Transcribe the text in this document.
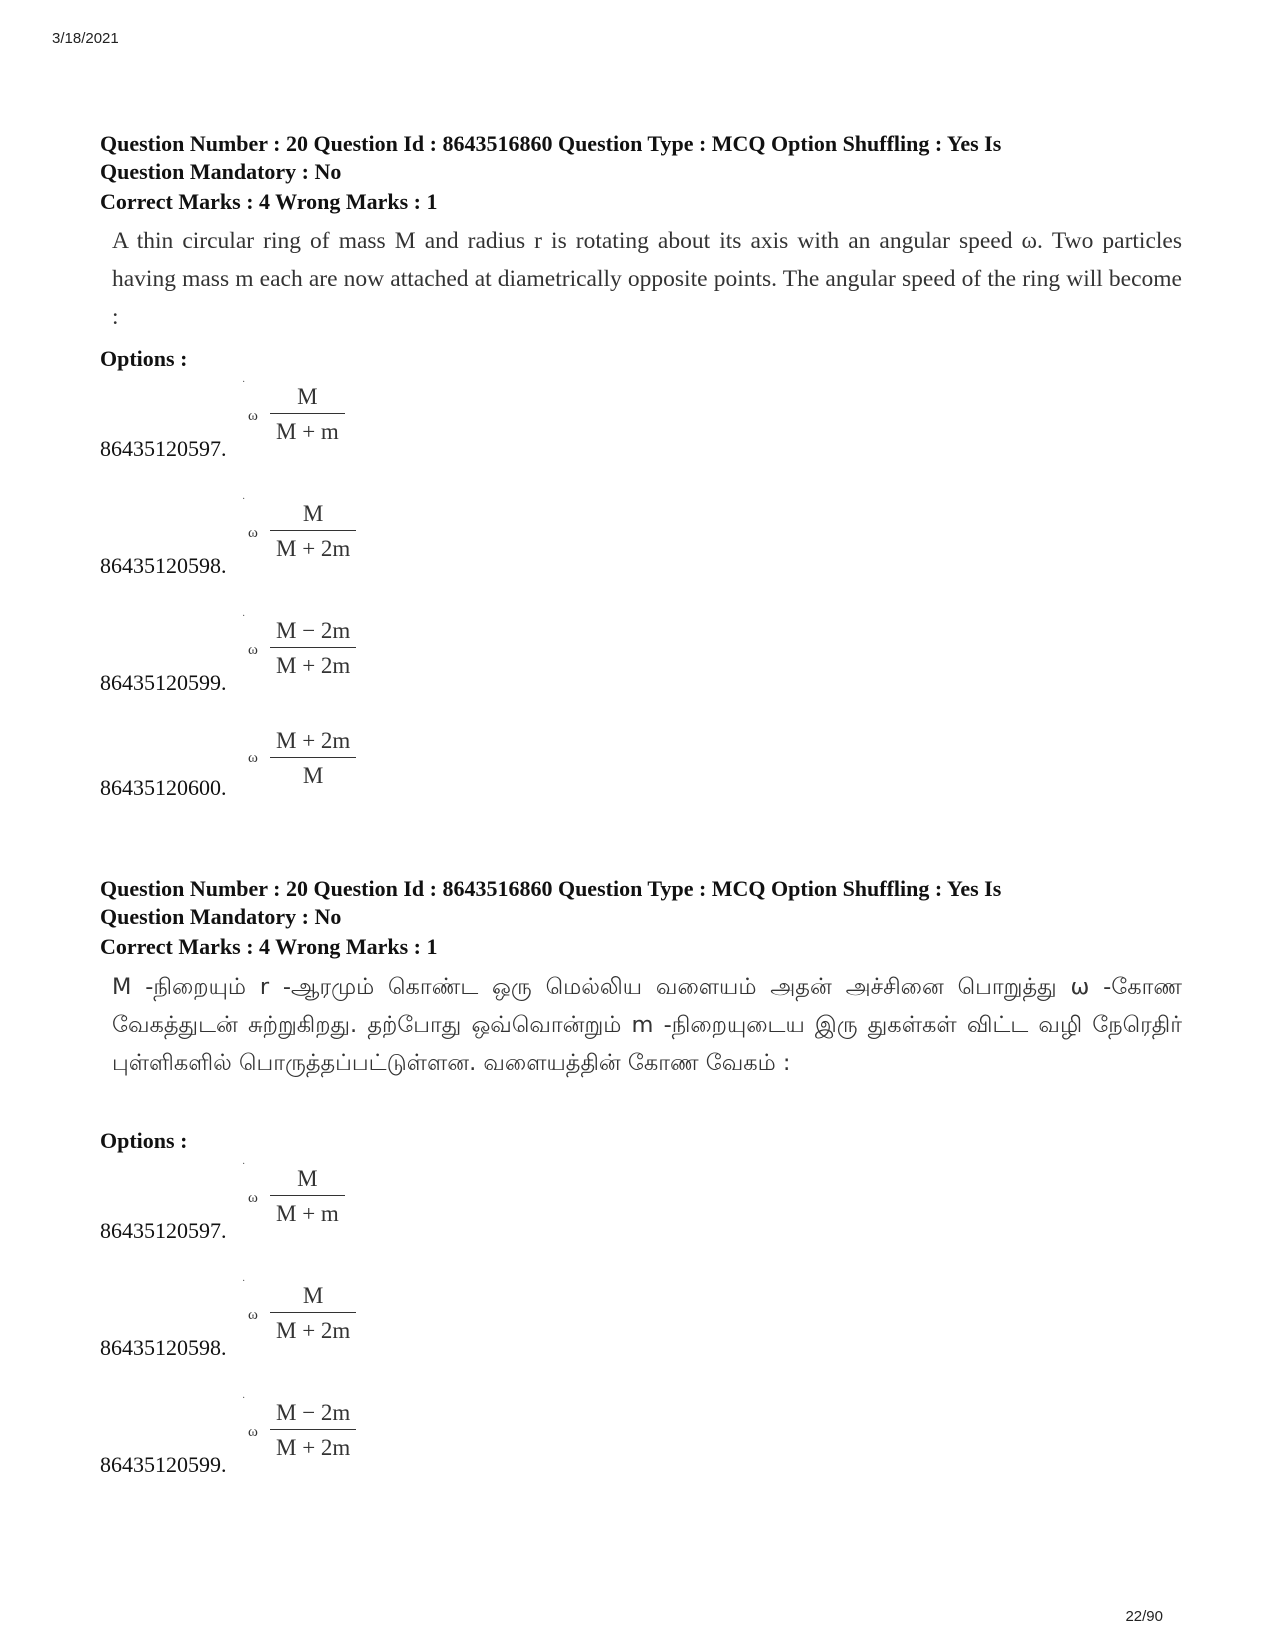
3/18/2021
Question Number : 20 Question Id : 8643516860 Question Type : MCQ Option Shuffling : Yes Is
Question Mandatory : No
Correct Marks : 4 Wrong Marks : 1
A thin circular ring of mass M and radius r is rotating about its axis with an angular speed ω. Two particles having mass m each are now attached at diametrically opposite points. The angular speed of the ring will become :
Options :
·
ω
M
M + m
86435120597.
·
ω
M
M + 2m
86435120598.
·
ω
M − 2m
M + 2m
86435120599.
ω
M + 2m
M
86435120600.
Question Number : 20 Question Id : 8643516860 Question Type : MCQ Option Shuffling : Yes Is
Question Mandatory : No
Correct Marks : 4 Wrong Marks : 1
M -நிறையும் r -ஆரமும் கொண்ட ஒரு மெல்லிய வளையம் அதன் அச்சினை பொறுத்து ω -கோண வேகத்துடன் சுற்றுகிறது. தற்போது ஒவ்வொன்றும் m -நிறையுடைய இரு துகள்கள் விட்ட வழி நேரெதிர் புள்ளிகளில் பொருத்தப்பட்டுள்ளன. வளையத்தின் கோண வேகம் :
Options :
·
ω
M
M + m
86435120597.
·
ω
M
M + 2m
86435120598.
·
ω
M − 2m
M + 2m
86435120599.
22/90
